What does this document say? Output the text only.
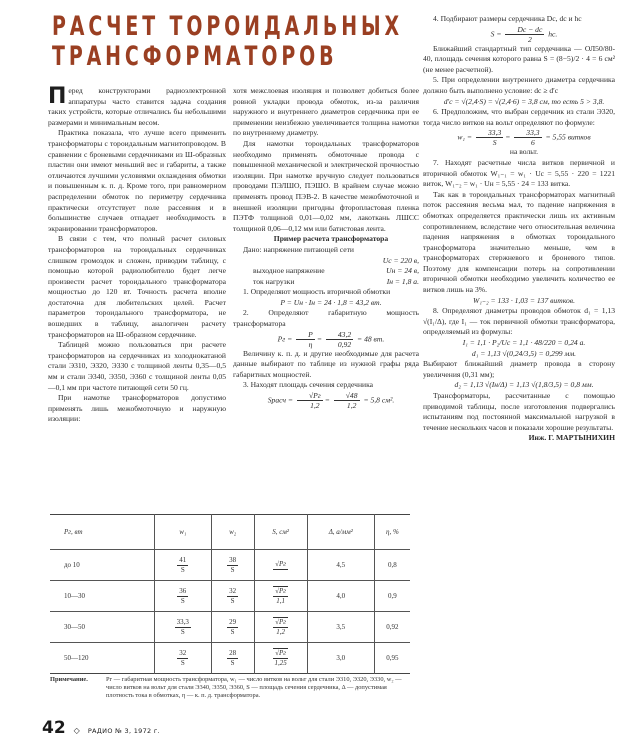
РАСЧЕТ ТОРОИДАЛЬНЫХ
ТРАНСФОРМАТОРОВ

Перед конструкторами радиоэлектронной аппаратуры часто ставится задача создания таких устройств, которые отличались бы небольшими размерами и минимальным весом.

Практика показала, что лучше всего применить трансформаторы с тороидальным магнитопроводом. В сравнении с броневыми сердечниками из Ш-образных пластин они имеют меньший вес и габариты, а также отличаются лучшими условиями охлаждения обмотки и повышенным к. п. д. Кроме того, при равномерном распределении обмоток по периметру сердечника практически отсутствует поле рассеяния и в большинстве случаев отпадает необходимость в экранировании трансформаторов.

В связи с тем, что полный расчет силовых трансформаторов на тороидальных сердечниках слишком громоздок и сложен, приводим таблицу, с помощью которой радиолюбителю будет легче произвести расчет тороидального трансформатора мощностью до 120 вт. Точность расчета вполне достаточна для любительских целей. Расчет параметров тороидального трансформатора, не вошедших в таблицу, аналогичен расчету трансформаторов на Ш-образном сердечнике.

Таблицей можно пользоваться при расчете трансформаторов на сердечниках из холоднокатаной стали Э310, Э320, Э330 с толщиной ленты 0,35—0,5 мм и стали Э340, Э350, Э360 с толщиной ленты 0,05—0,1 мм при частоте питающей сети 50 гц.

При намотке трансформаторов допустимо применять лишь межобмоточную и наружную изоляции:

хотя межслоевая изоляция и позволяет добиться более ровной укладки провода обмоток, из-за различия наружного и внутреннего диаметров сердечника при ее применении неизбежно увеличивается толщина намотки по внутреннему диаметру.

Для намотки тороидальных трансформаторов необходимо применять обмоточные провода с повышенной механической и электрической прочностью изоляции. При намотке вручную следует пользоваться проводами ПЭЛШО, ПЭШО. В крайнем случае можно применять провод ПЭВ-2. В качестве межобмоточной и внешней изоляции пригодны фторопластовая пленка ПЭТФ толщиной 0,01—0,02 мм, лакоткань ЛШСС толщиной 0,06—0,12 мм или батистовая лента.

Пример расчета трансформатора

Дано: напряжение питающей сети

Uc = 220 в,

выходное напряжение	Uн = 24 в,

ток нагрузки	Iн = 1,8 а.

1. Определяют мощность вторичной обмотки

P = Uн · Iн = 24 · 1,8 = 43,2 вт.

2. Определяют габаритную мощность трансформатора

Pг = $\frac{P}{\eta} = \frac{43,2}{0,92} = 48$ вт.

Величину к. п. д. и другие необходимые для расчета данные выбирают по таблице из нужной графы ряда габаритных мощностей.

3. Находят площадь сечения сердечника

Sрасч = $\frac{√Pг}{1,2} = \frac{√48}{1,2} = 5,8$ см².

4. Подбирают размеры сердечника Dc, dc и hc

$S = \frac{Dc - dc}{2}$ hc.

Ближайший стандартный тип сердечника — ОЛ50/80-40, площадь сечения которого равна S = (8−5)/2 · 4 = 6 см² (не менее расчетной).

5. При определении внутреннего диаметра сердечника должно быть выполнено условие: dc ≥ d′c

d′c = √(2,4·S) = √(2,4·6) = 3,8 см, то есть 5 > 3,8.

6. Предположим, что выбран сердечник из стали Э320, тогда число витков на вольт определяют по формуле:

$w_1 = \frac{33,3}{S} = \frac{33,3}{6} = 5,55$ витков

на вольт.

7. Находят расчетные числа витков первичной и вторичной обмоток W₁₋₁ = w₁ · Uc = 5,55 · 220 = 1221 виток, W₁₋₂ = w₁ · Uн = 5,55 · 24 = 133 витка.

Так как в тороидальных трансформаторах магнитный поток рассеяния весьма мал, то падение напряжения в обмотках определяется практически лишь их активным сопротивлением, вследствие чего относительная величина падения напряжения в обмотках тороидального трансформатора значительно меньше, чем в трансформаторах стержневого и броневого типов. Поэтому для компенсации потерь на сопротивлении вторичной обмотки необходимо увеличить количество ее витков лишь на 3%.

W₁₋₂ = 133 · 1,03 = 137 витков.

8. Определяют диаметры проводов обмоток d₁ = 1,13 √(I₁/Δ), где I₁ — ток первичной обмотки трансформатора, определяемый из формулы:

I₁ = 1,1 · P₂/Uc = 1,1 · 48/220 = 0,24 а.

d₁ = 1,13 √(0,24/3,5) = 0,299 мм.

Выбирают ближайший диаметр провода в сторону увеличения (0,31 мм);

d₂ = 1,13 √(Iн/Δ) = 1,13 √(1,8/3,5) = 0,8 мм.

Трансформаторы, рассчитанные с помощью приводимой таблицы, после изготовления подвергались испытаниям под постоянной максимальной нагрузкой в течение нескольких часов и показали хорошие результаты.

Инж. Г. МАРТЫНИХИН

Pг, вт	w₁	w₂	S, см²	Δ, а/мм²	η, %
до 10	$\frac{41}{S}$	$\frac{38}{S}$	√Pг	4,5	0,8
10—30	$\frac{36}{S}$	$\frac{32}{S}$	$\frac{√Pг}{1,1}$	4,0	0,9
30—50	$\frac{33,3}{S}$	$\frac{29}{S}$	$\frac{√Pг}{1,2}$	3,5	0,92
50—120	$\frac{32}{S}$	$\frac{28}{S}$	$\frac{√Pг}{1,25}$	3,0	0,95
Примечание.	Pг — габаритная мощность трансформатора, w₁ — число витков на вольт для стали Э310, Э320, Э330, w₂ — число витков на вольт для стали Э340, Э350, Э360, S — площадь сечения сердечника, Δ — допустимая плотность тока в обмотках, η — к. п. д. трансформатора.
42 ◇ РАДИО № 3, 1972 г.
